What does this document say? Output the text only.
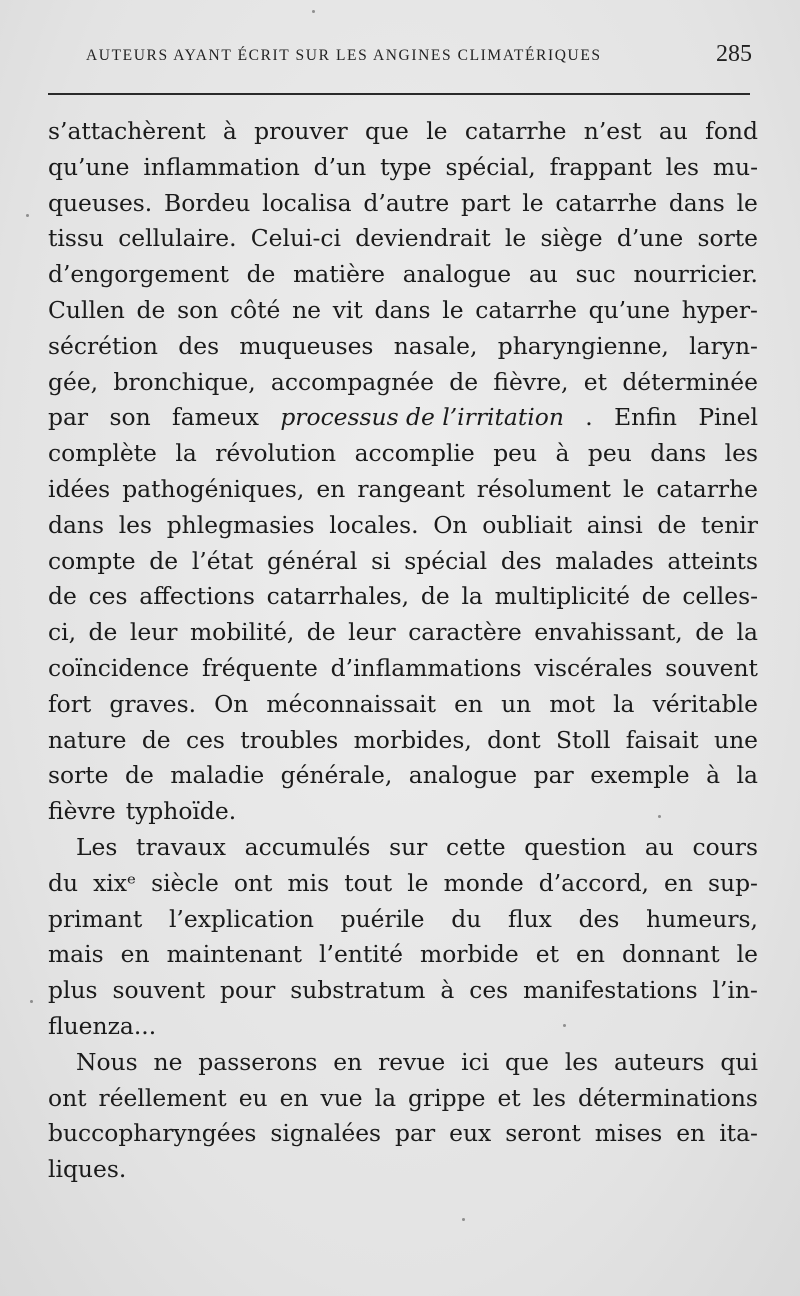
AUTEURS AYANT ÉCRIT SUR LES ANGINES CLIMATÉRIQUES	285
s’attachèrent à prouver que le catarrhe n’est au fond
qu’une inflammation d’un type spécial, frappant les mu-
queuses. Bordeu localisa d’autre part le catarrhe dans le
tissu cellulaire. Celui-ci deviendrait le siège d’une sorte
d’engorgement de matière analogue au suc nourricier.
Cullen de son côté ne vit dans le catarrhe qu’une hyper-
sécrétion des muqueuses nasale, pharyngienne, laryn-
gée, bronchique, accompagnée de fièvre, et déterminée
par son fameux processus de l’irritation . Enfin Pinel
complète la révolution accomplie peu à peu dans les
idées pathogéniques, en rangeant résolument le catarrhe
dans les phlegmasies locales. On oubliait ainsi de tenir
compte de l’état général si spécial des malades atteints
de ces affections catarrhales, de la multiplicité de celles-
ci, de leur mobilité, de leur caractère envahissant, de la
coïncidence fréquente d’inflammations viscérales souvent
fort graves. On méconnaissait en un mot la véritable
nature de ces troubles morbides, dont Stoll faisait une
sorte de maladie générale, analogue par exemple à la
fièvre typhoïde.
Les travaux accumulés sur cette question au cours
du xixᵉ siècle ont mis tout le monde d’accord, en sup-
primant l’explication puérile du flux des humeurs,
mais en maintenant l’entité morbide et en donnant le
plus souvent pour substratum à ces manifestations l’in-
fluenza...
Nous ne passerons en revue ici que les auteurs qui
ont réellement eu en vue la grippe et les déterminations
buccopharyngées signalées par eux seront mises en ita-
liques.
